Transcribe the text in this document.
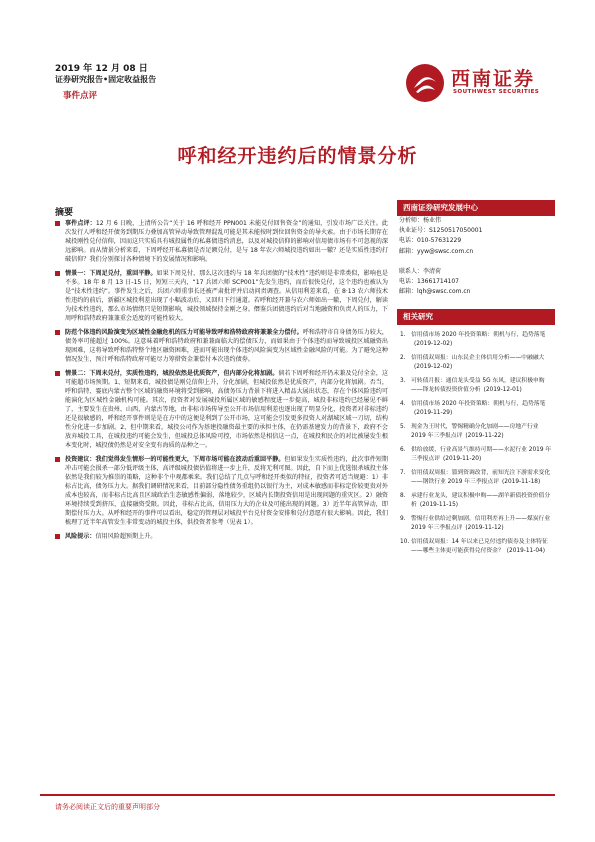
2019 年 12 月 08 日
证券研究报告•固定收益报告
事件点评
西南证券
SOUTHWEST SECURITIES
呼和经开违约后的情景分析
摘要
事件点评：12 月 6 日晚，上清所公告“关于 16 呼和经开 PPN001 未能兑付回售资金”的通知，引发市场广泛关注。此次发行人呼和经开债务到期压力叠加高管异动导致管理混乱可能是其未能按时到位回售资金的导火索。由于市场长期存在城投刚性兑付信仰，因而这只实质具有城投属性的私募债违约消息，以及对城投信仰的影响对信用债市场有不可忽视的深远影响。而从情景分析来看，下周呼经开私募债是否足额兑付，是与 18 年农六师城投违约如出一辙？还是实质性违约打破信仰？我们分别探讨各种情境下的发展情况和影响。
情景一：下周足兑付，重回平静。如果下周兑付，那么这次违约与 18 年兵团债的“技术性”违约则是非常类似，影响也是不多。18 年 8 月 13 日-15 日，短短三天内，“17 兵团六师 SCP001”先发生违约，而后很快兑付，这个违约也被认为是“技术性违约”。事件发生之后，兵团六师重事长还被严肃批评并启动问责调查。从信用利差来看，在 8·13 农六师技术性违约的前后，新疆区城投利差出现了小幅波动后，又回归下行通道。若呼和经开兼与农六师如出一辙，下周兑付，解读为技术性违约，那么市场情绪只是短期影响，城投领域保持金刚之身。僭鉴兵团债违约后对当地融资和负责人的压力，下周呼和浩特政府兼兼重会适度的可能性较大。
防范个体违约风险演变为区域性金融危机的压力可能导致呼和浩特政府将兼兼全力偿付。呼和浩特市自身债务压力较大，债务率可能超过 100%。这意味着呼和浩特政府和兼兼面临大的偿债压力，而如果由于个体违约而导致城投区域融资出现困难，这将导致呼和浩特整个地区融资困难，进而可能出现个体违约风险演变为区域性金融风险的可能。为了避免这种情况发生，预计呼和浩特政府可能尽力筹措资金兼偿付本次违约债券。
情景二：下周未兑付，实质性违约，城投依然是优质资产，但内部分化将加剧。倘若下周呼和经开仍未兼及兑付全金，这可能超市场预期。1、短期来看，城投债是刚兑信仰上升，分化加剧，但城投依然是优质资产，内部分化将加剧。否当，呼和浩特、霎底内蒙古整个区域的融资环境将受到影响，高债务压力背景下将进入精品大展出状态，存在个体风险违约可能演化为区城性金融机构可能。其次，投资者对发展城投所属区域的敏感程度进一步提高，城投非标违约已经屡见不鲜了，主要发生在贵州、山西、内蒙古等地，由非标市场传导至公开市场信用利差也逐出现了明显分化，投资者对非标违约还是很敏感的，呼和经开事件则是是在方中的这便是利到了公开市场，这可能会引发更多投资人对湖城区域一刀切，结构性分化进一步加剧。2、但中期来看，城投公司作为基建投融资最主要的承担主体，在仍需基建发力的背景下，政府不会放弃城投工具，在城投违约可能会发生，但城投总体风险可控，市场依然是相信这一点，在城投和民企的对比被屡发生根本变化时，城投债仍然是对安全变有海质的品种之一。
投资建议：我们觉得发生情形一的可能性更大，下周市场可能在波动后重回平静。但如果发生实质性违约，此次事件短期冲击可能会损杀一部分低评级主体，高评级城投债估值将进一步上升，反将无利可图。因此，自下而上优选银杀城投主体依然是我们较为推崇的策略，这种非个中观都乘来。我们总结了几点与呼和经开类似的特征，投资者可适当规避：1）非标占比高，债务压力大。据我们调研情况来看，目前部分隐性债务重组仍以银行为主，对成本敏感而非标定价较更贵对外成本也较高，而非标占比高且区域政治生态敏感性偏弱，落地较少，区域内长期投资信用是出现问题的重灾区。2）融资环境持续受到挤压，直接融资受限。因此，非标占比高，信用压力大的企业及可能出现的问题。3）近半年高管异动，即期偿付压力大。从呼和经开的事件可以看出，稳定的管理层对城投平台兑付资金安排和兑付意愿有很大影响。因此，我们梳理了近半年高管发生非常变动的城投主体，供投资者参考（见表 1）。
风险提示：信用风险超预期上升。
西南证券研究发展中心
分析师：杨业伟
执业证号：S1250517050001
电话：010-57631229
邮箱：yyw@swsc.com.cn
联系人：李清荷
电话：13661714107
邮箱：lqh@swsc.com.cn
相关研究
1. 信用债市场 2020 年投资策略：朝机与行，趋势落笔(2019-12-02)
2. 信用债双周报：山东民企主体信用分析——中融融大(2019-12-02)
3. 可转债月报：通信龙头受益 5G 东风，建议积极申购——锋龙转债投资价值分析 (2019-12-01)
4. 信用债市场 2020 年投资策略：朝机与行，趋势落笔(2019-11-29)
5. 现金为王时代，警惕精确分化加剧——房地产行业 2019 年三季报点评 (2019-11-22)
6. 供给放缓，行业高景气维持可期——水泥行业 2019 年三季报点评 (2019-11-20)
7. 信用债双周报：篡到资调改背，前知光注下游需求变化——钢铁行业 2019 年三季报点评 (2019-11-18)
8. 承建行业龙头，建议积极申购——湖羊新债投资价值分析 (2019-11-15)
9. 警惕行业供给过剩加剧，信用利差再上升——煤炭行业 2019 年三季报点评 (2019-11-12)
10. 信用债双周报：14 年以来已兑付违约债券及主体特征——哪些主体更可能获得兑付资金？ (2019-11-04)
请务必阅读正文后的重要声明部分
